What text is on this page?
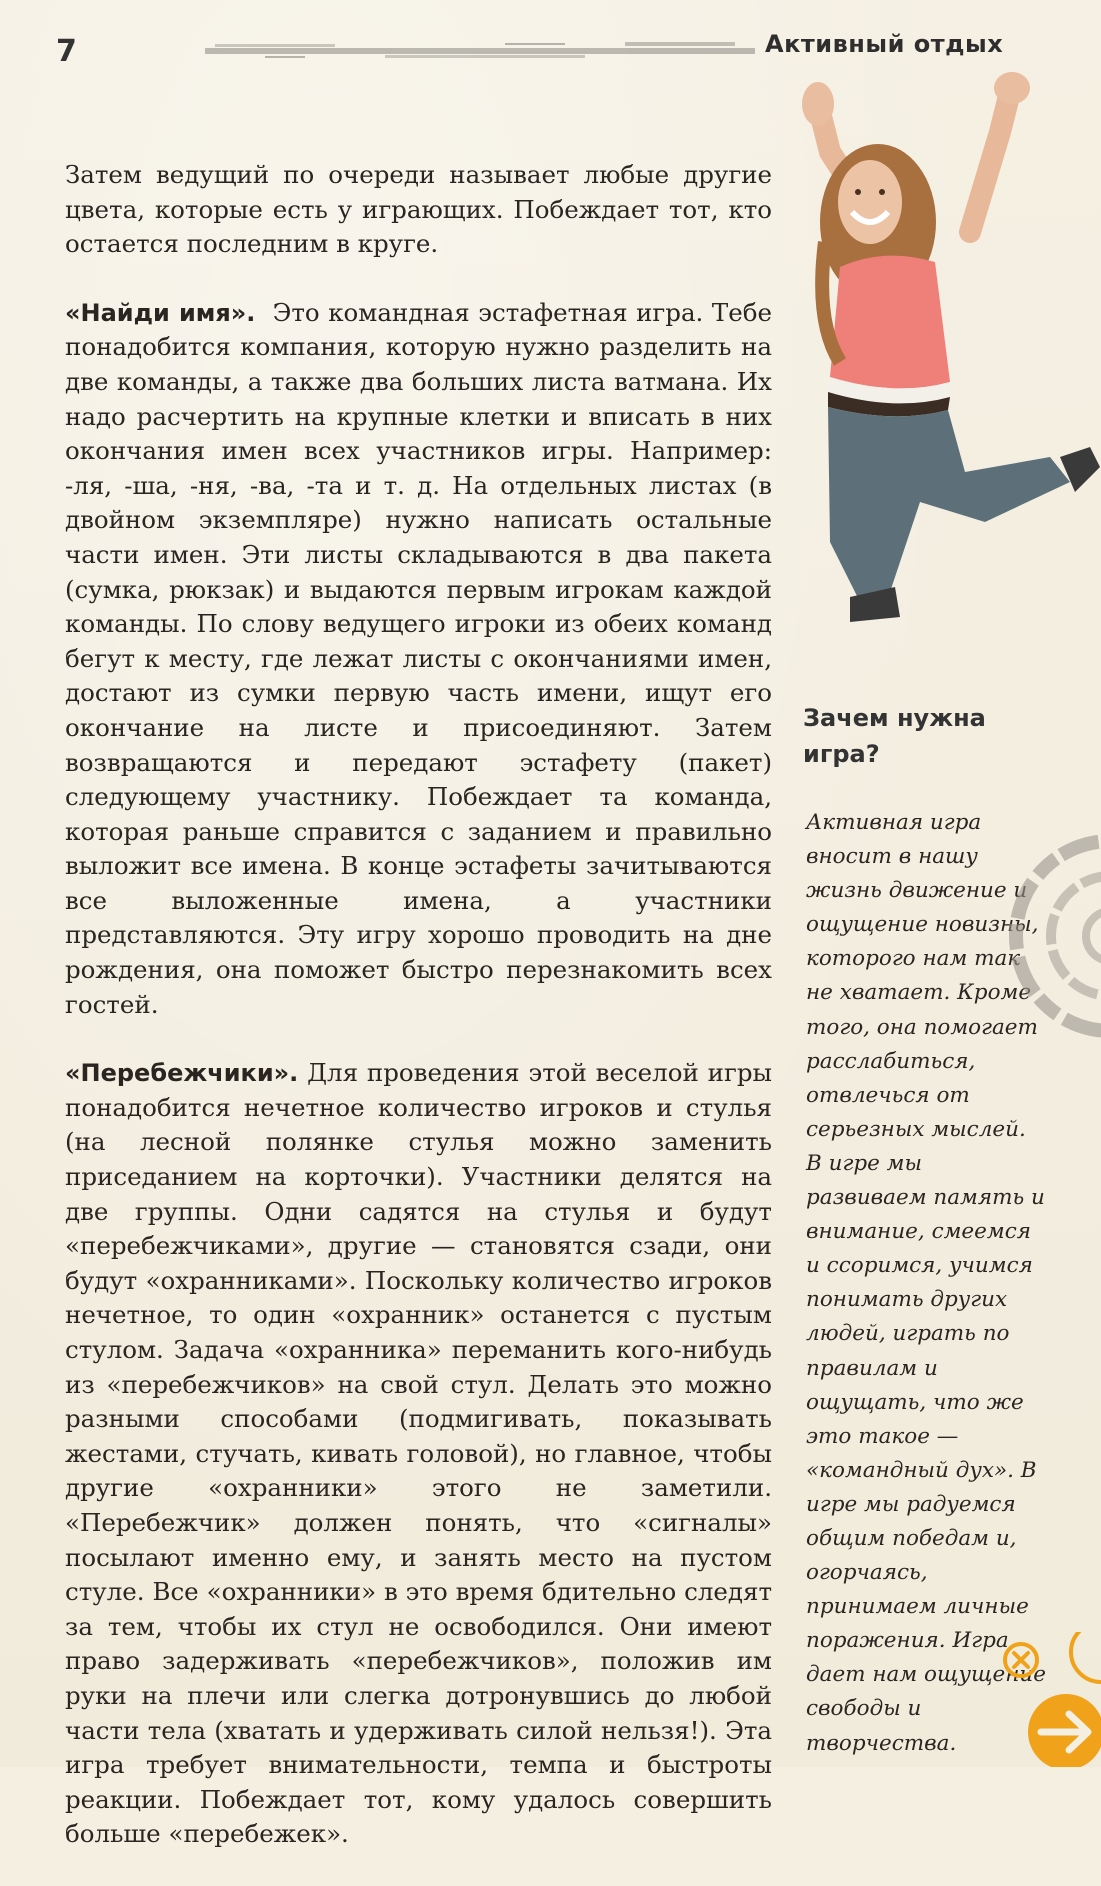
7	Активный отдых

Затем ведущий по очереди называет любые другие цвета, которые есть у играющих. Побеждает тот, кто остается последним в круге.

«Найди имя». Это командная эстафетная игра. Тебе понадобится компания, которую нужно разделить на две команды, а также два больших листа ватмана. Их надо расчертить на крупные клетки и вписать в них окончания имен всех участников игры. Например: -ля, -ша, -ня, -ва, -та и т. д. На отдельных листах (в двойном экземпляре) нужно написать остальные части имен. Эти листы складываются в два пакета (сумка, рюкзак) и выдаются первым игрокам каждой команды. По слову ведущего игроки из обеих команд бегут к месту, где лежат листы с окончаниями имен, достают из сумки первую часть имени, ищут его окончание на листе и присоединяют. Затем возвращаются и передают эстафету (пакет) следующему участнику. Побеждает та команда, которая раньше справится с заданием и правильно выложит все имена. В конце эстафеты зачитываются все выложенные имена, а участники представляются. Эту игру хорошо проводить на дне рождения, она поможет быстро перезнакомить всех гостей.

«Перебежчики». Для проведения этой веселой игры понадобится нечетное количество игроков и стулья (на лесной полянке стулья можно заменить приседанием на корточки). Участники делятся на две группы. Одни садятся на стулья и будут «перебежчиками», другие — становятся сзади, они будут «охранниками». Поскольку количество игроков нечетное, то один «охранник» останется с пустым стулом. Задача «охранника» переманить кого-нибудь из «перебежчиков» на свой стул. Делать это можно разными способами (подмигивать, показывать жестами, стучать, кивать головой), но главное, чтобы другие «охранники» этого не заметили. «Перебежчик» должен понять, что «сигналы» посылают именно ему, и занять место на пустом стуле. Все «охранники» в это время бдительно следят за тем, чтобы их стул не освободился. Они имеют право задерживать «перебежчиков», положив им руки на плечи или слегка дотронувшись до любой части тела (хватать и удерживать силой нельзя!). Эта игра требует внимательности, темпа и быстроты реакции. Побеждает тот, кому удалось совершить больше «перебежек».

Зачем нужна игра?
Активная игра вносит в нашу жизнь движение и ощущение новизны, которого нам так не хватает. Кроме того, она помогает расслабиться, отвлечься от серьезных мыслей. В игре мы развиваем память и внимание, смеемся и ссоримся, учимся понимать других людей, играть по правилам и ощущать, что же это такое — «командный дух». В игре мы радуемся общим победам и, огорчаясь, принимаем личные поражения. Игра дает нам ощущение свободы и творчества.
